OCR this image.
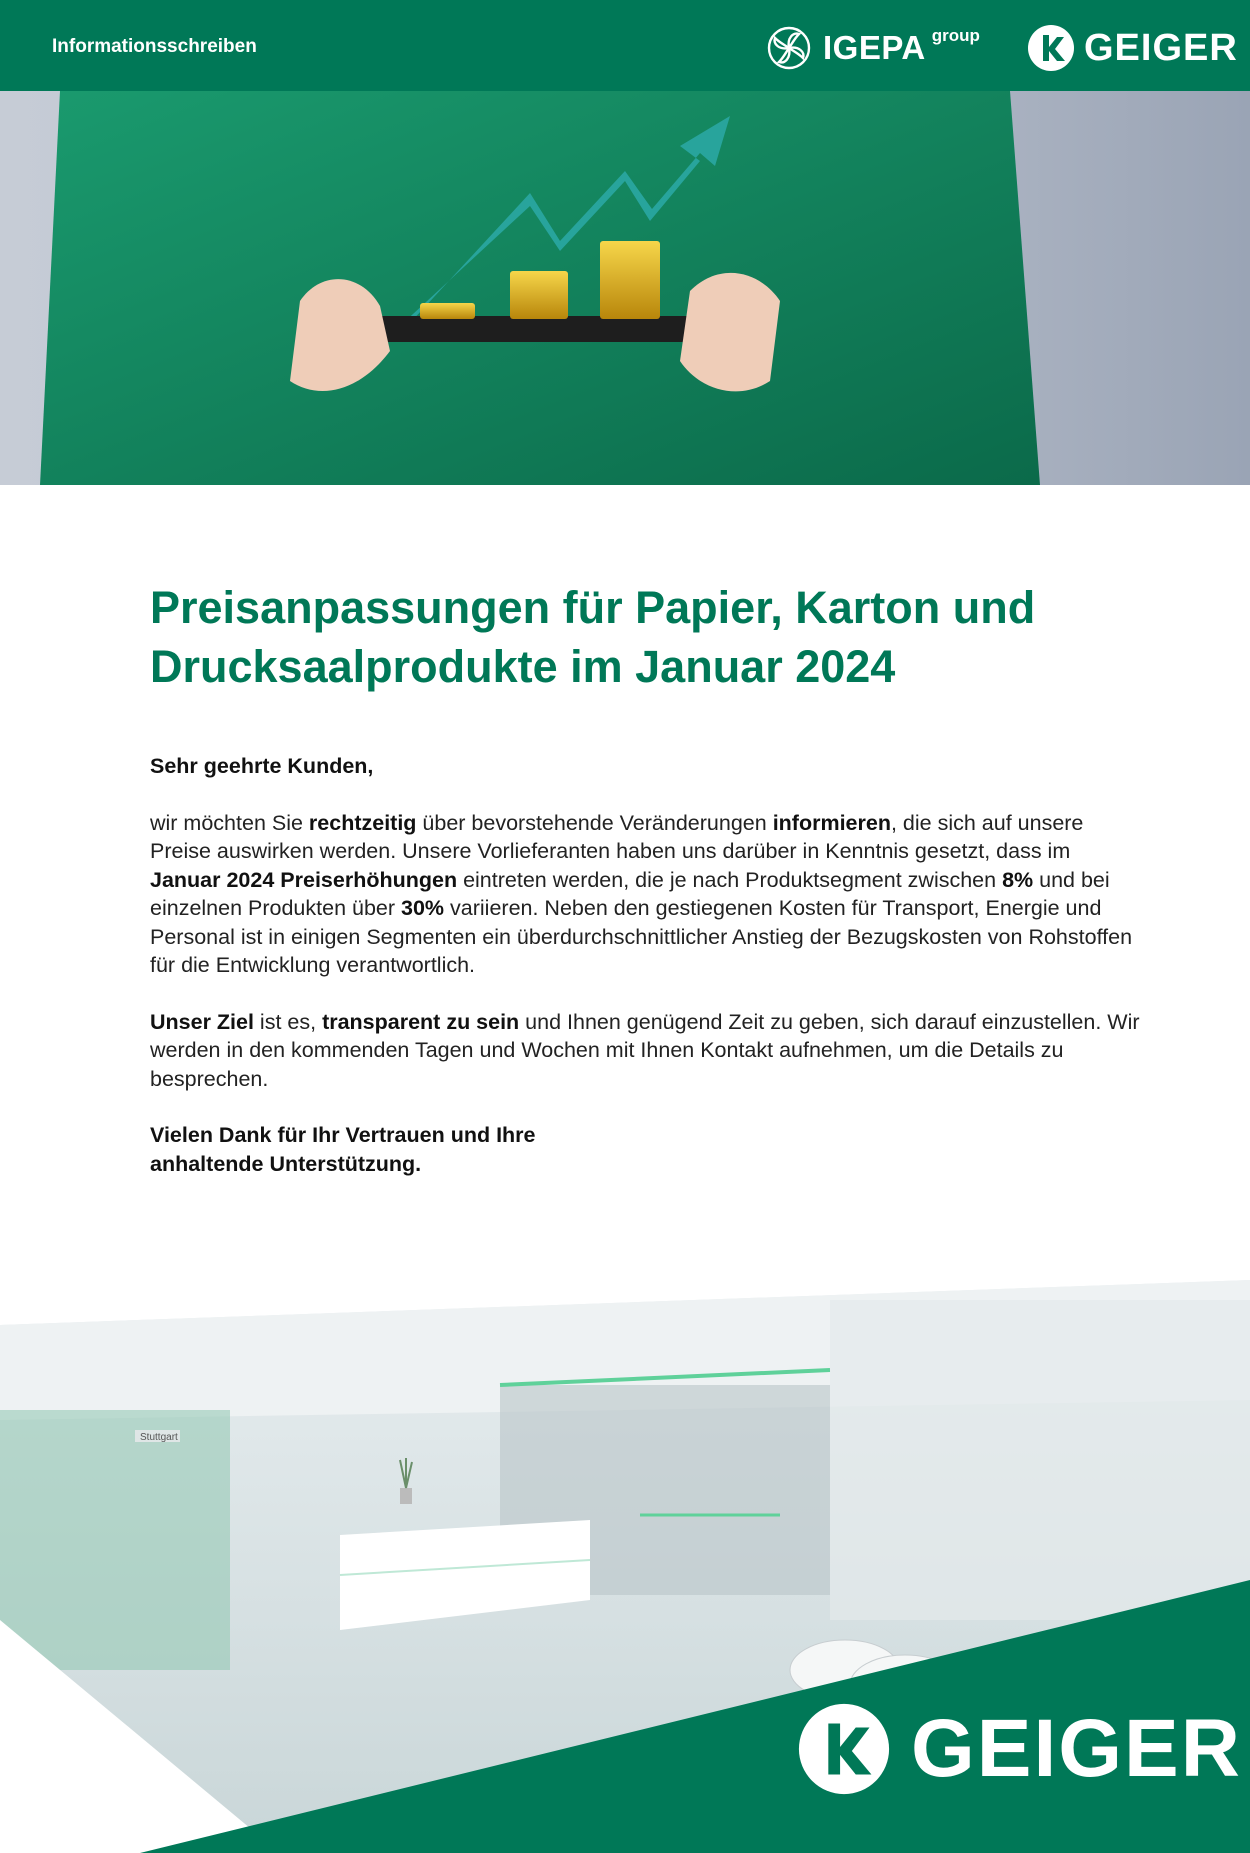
Informationsschreiben	IGEPA group	GEIGER
Preisanpassungen für Papier, Karton und Drucksaalprodukte im Januar 2024

Sehr geehrte Kunden,

wir möchten Sie rechtzeitig über bevorstehende Veränderungen informieren, die sich auf unsere Preise auswirken werden. Unsere Vorlieferanten haben uns darüber in Kenntnis gesetzt, dass im Januar 2024 Preiserhöhungen eintreten werden, die je nach Produktsegment zwischen 8% und bei einzelnen Produkten über 30% variieren. Neben den gestiegenen Kosten für Transport, Energie und Personal ist in einigen Segmenten ein überdurchschnittlicher Anstieg der Bezugskosten von Rohstoffen für die Entwicklung verantwortlich.

Unser Ziel ist es, transparent zu sein und Ihnen genügend Zeit zu geben, sich darauf einzustellen. Wir werden in den kommenden Tagen und Wochen mit Ihnen Kontakt aufnehmen, um die Details zu besprechen.

Vielen Dank für Ihr Vertrauen und Ihre
anhaltende Unterstützung.

Stuttgart
GEIGER
